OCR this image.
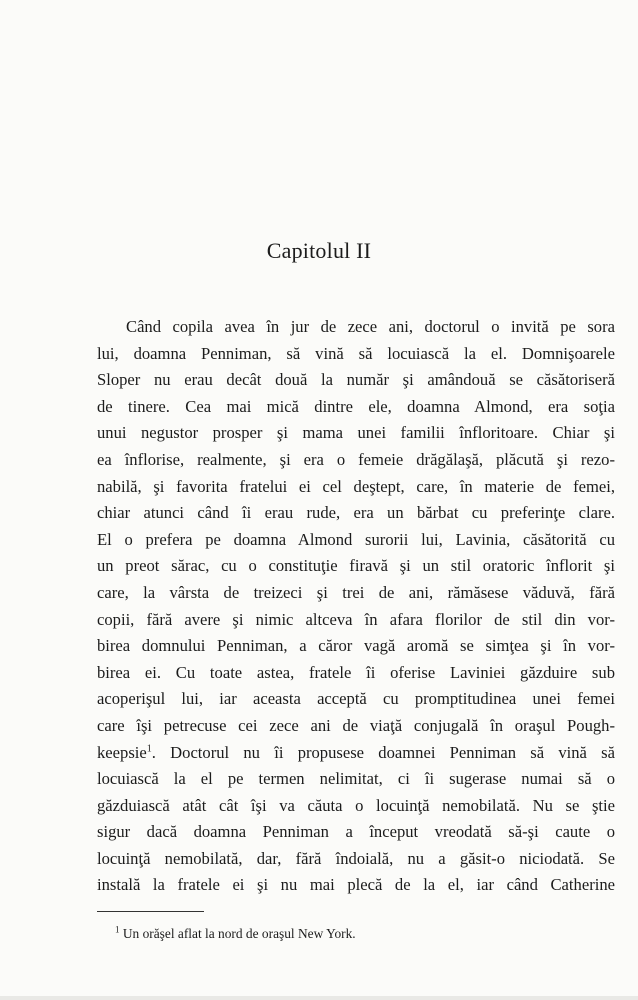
Capitolul II
Când copila avea în jur de zece ani, doctorul o invită pe sora
lui, doamna Penniman, să vină să locuiască la el. Domnişoarele
Sloper nu erau decât două la număr şi amândouă se căsătoriseră
de tinere. Cea mai mică dintre ele, doamna Almond, era soţia
unui negustor prosper şi mama unei familii înfloritoare. Chiar şi
ea înflorise, realmente, şi era o femeie drăgălaşă, plăcută şi rezo-
nabilă, şi favorita fratelui ei cel deştept, care, în materie de femei,
chiar atunci când îi erau rude, era un bărbat cu preferinţe clare.
El o prefera pe doamna Almond surorii lui, Lavinia, căsătorită cu
un preot sărac, cu o constituţie firavă şi un stil oratoric înflorit şi
care, la vârsta de treizeci şi trei de ani, rămăsese văduvă, fără
copii, fără avere şi nimic altceva în afara florilor de stil din vor-
birea domnului Penniman, a căror vagă aromă se simţea şi în vor-
birea ei. Cu toate astea, fratele îi oferise Laviniei găzduire sub
acoperişul lui, iar aceasta acceptă cu promptitudinea unei femei
care îşi petrecuse cei zece ani de viaţă conjugală în oraşul Pough-
keepsie$^1$. Doctorul nu îi propusese doamnei Penniman să vină să
locuiască la el pe termen nelimitat, ci îi sugerase numai să o
găzduiască atât cât îşi va căuta o locuinţă nemobilată. Nu se ştie
sigur dacă doamna Penniman a început vreodată să-şi caute o
locuinţă nemobilată, dar, fără îndoială, nu a găsit-o niciodată. Se
instală la fratele ei şi nu mai plecă de la el, iar când Catherine
$^1$ Un orăşel aflat la nord de oraşul New York.
